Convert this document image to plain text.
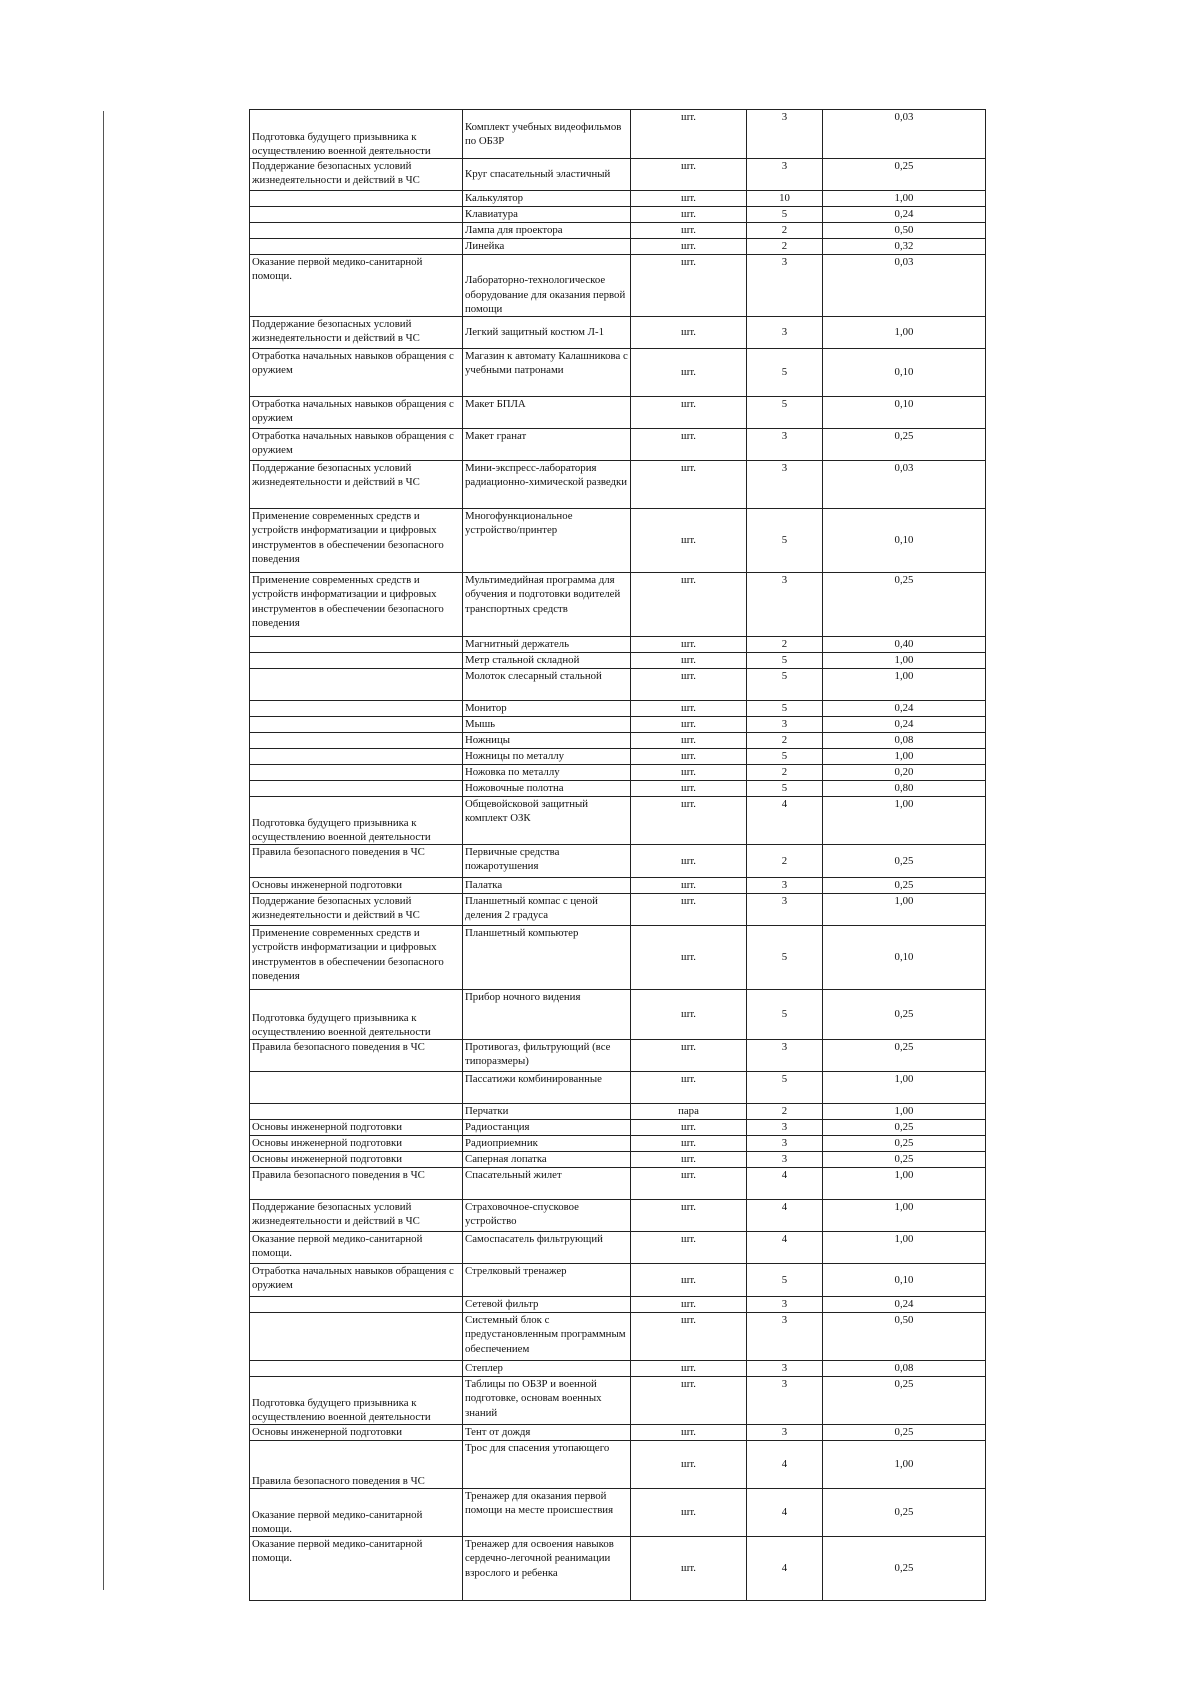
Подготовка будущего призывника к осуществлению военной деятельности	Комплект учебных видеофильмов по ОБЗР	шт.	3	0,03
Поддержание безопасных условий жизнедеятельности и действий в ЧС	Круг спасательный эластичный	шт.	3	0,25
	Калькулятор	шт.	10	1,00
	Клавиатура	шт.	5	0,24
	Лампа для проектора	шт.	2	0,50
	Линейка	шт.	2	0,32
Оказание первой медико-санитарной помощи.	Лабораторно-технологическое оборудование для оказания первой помощи	шт.	3	0,03
Поддержание безопасных условий жизнедеятельности и действий в ЧС	Легкий защитный костюм Л-1	шт.	3	1,00
Отработка начальных навыков обращения с оружием	Магазин к автомату Калашникова с учебными патронами	шт.	5	0,10
Отработка начальных навыков обращения с оружием	Макет БПЛА	шт.	5	0,10
Отработка начальных навыков обращения с оружием	Макет гранат	шт.	3	0,25
Поддержание безопасных условий жизнедеятельности и действий в ЧС	Мини-экспресс-лаборатория радиационно-химической разведки	шт.	3	0,03
Применение современных средств и устройств информатизации и цифровых инструментов в обеспечении безопасного поведения	Многофункциональное устройство/принтер	шт.	5	0,10
Применение современных средств и устройств информатизации и цифровых инструментов в обеспечении безопасного поведения	Мультимедийная программа для обучения и подготовки водителей транспортных средств	шт.	3	0,25
	Магнитный держатель	шт.	2	0,40
	Метр стальной складной	шт.	5	1,00
	Молоток слесарный стальной	шт.	5	1,00
	Монитор	шт.	5	0,24
	Мышь	шт.	3	0,24
	Ножницы	шт.	2	0,08
	Ножницы по металлу	шт.	5	1,00
	Ножовка по металлу	шт.	2	0,20
	Ножовочные полотна	шт.	5	0,80
Подготовка будущего призывника к осуществлению военной деятельности	Общевойсковой защитный комплект ОЗК	шт.	4	1,00
Правила безопасного поведения в ЧС	Первичные средства пожаротушения	шт.	2	0,25
Основы инженерной подготовки	Палатка	шт.	3	0,25
Поддержание безопасных условий жизнедеятельности и действий в ЧС	Планшетный компас с ценой деления 2 градуса	шт.	3	1,00
Применение современных средств и устройств информатизации и цифровых инструментов в обеспечении безопасного поведения	Планшетный компьютер	шт.	5	0,10
Подготовка будущего призывника к осуществлению военной деятельности	Прибор ночного видения	шт.	5	0,25
Правила безопасного поведения в ЧС	Противогаз, фильтрующий (все типоразмеры)	шт.	3	0,25
	Пассатижи комбинированные	шт.	5	1,00
	Перчатки	пара	2	1,00
Основы инженерной подготовки	Радиостанция	шт.	3	0,25
Основы инженерной подготовки	Радиоприемник	шт.	3	0,25
Основы инженерной подготовки	Саперная лопатка	шт.	3	0,25
Правила безопасного поведения в ЧС	Спасательный жилет	шт.	4	1,00
Поддержание безопасных условий жизнедеятельности и действий в ЧС	Страховочное-спусковое устройство	шт.	4	1,00
Оказание первой медико-санитарной помощи.	Самоспасатель фильтрующий	шт.	4	1,00
Отработка начальных навыков обращения с оружием	Стрелковый тренажер	шт.	5	0,10
	Сетевой фильтр	шт.	3	0,24
	Системный блок с предустановленным программным обеспечением	шт.	3	0,50
	Степлер	шт.	3	0,08
Подготовка будущего призывника к осуществлению военной деятельности	Таблицы по ОБЗР и военной подготовке, основам военных знаний	шт.	3	0,25
Основы инженерной подготовки	Тент от дождя	шт.	3	0,25
Правила безопасного поведения в ЧС	Трос для спасения утопающего	шт.	4	1,00
Оказание первой медико-санитарной помощи.	Тренажер для оказания первой помощи на месте происшествия	шт.	4	0,25
Оказание первой медико-санитарной помощи.	Тренажер для освоения навыков сердечно-легочной реанимации взрослого и ребенка	шт.	4	0,25
